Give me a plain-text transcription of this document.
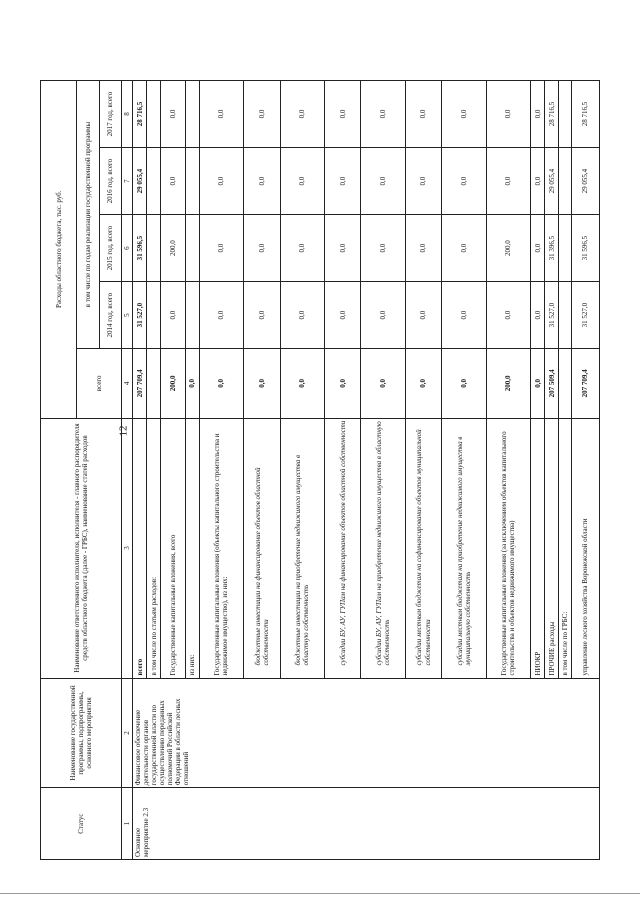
12
Статус	Наименование государственной программы, подпрограммы, основного мероприятия	Наименование ответственного исполнителя, исполнителя - главного распорядителя средств областного бюджета (далее - ГРБС), наименование статей расходов	Расходы областного бюджета, тыс. руб.				
			всего	в том числе по годам реализации государственной программы			
				2014 год, всего	2015 год, всего	2016 год, всего	2017 год, всего
1	2	3	4	5	6	7	8
Основное мероприятие 2.3	Финансовое обеспечение деятельности органов государственной власти по осуществлению переданных полномочий Российской Федерации в области лесных отношений	всего	207 709,4	31 527,0	31 596,5	29 055,4	28 716,5
		в том числе по статьям расходов:					
		Государственные капитальные вложения, всего	200,0	0,0	200,0	0,0	0,0
		из них:	0,0				
		Государственные капитальные вложения (объекты капитального строительства и недвижимое имущество), из них:	0,0	0,0	0,0	0,0	0,0
		бюджетные инвестиции на финансирование объектов областной собственности	0,0	0,0	0,0	0,0	0,0
		бюджетные инвестиции на приобретение недвижимого имущества в областную собственность	0,0	0,0	0,0	0,0	0,0
		субсидии БУ, АУ, ГУПам на финансирование объектов областной собственности	0,0	0,0	0,0	0,0	0,0
		субсидии БУ, АУ, ГУПам на приобретение недвижимого имущества в областную собственность	0,0	0,0	0,0	0,0	0,0
		субсидии местным бюджетам на софинансирование объектов муниципальной собственности	0,0	0,0	0,0	0,0	0,0
		субсидии местным бюджетам на приобретение недвижимого имущества в муниципальную собственность	0,0	0,0	0,0	0,0	0,0
		Государственные капитальные вложения (за исключением объектов капитального строительства и объектов недвижимого имущества)	200,0	0,0	200,0	0,0	0,0
		НИОКР	0,0	0,0	0,0	0,0	0,0
		ПРОЧИЕ расходы	207 509,4	31 527,0	31 396,5	29 055,4	28 716,5
		в том числе по ГРБС:					
		управление лесного хозяйства Воронежской области	207 709,4	31 527,0	31 596,5	29 055,4	28 716,5
